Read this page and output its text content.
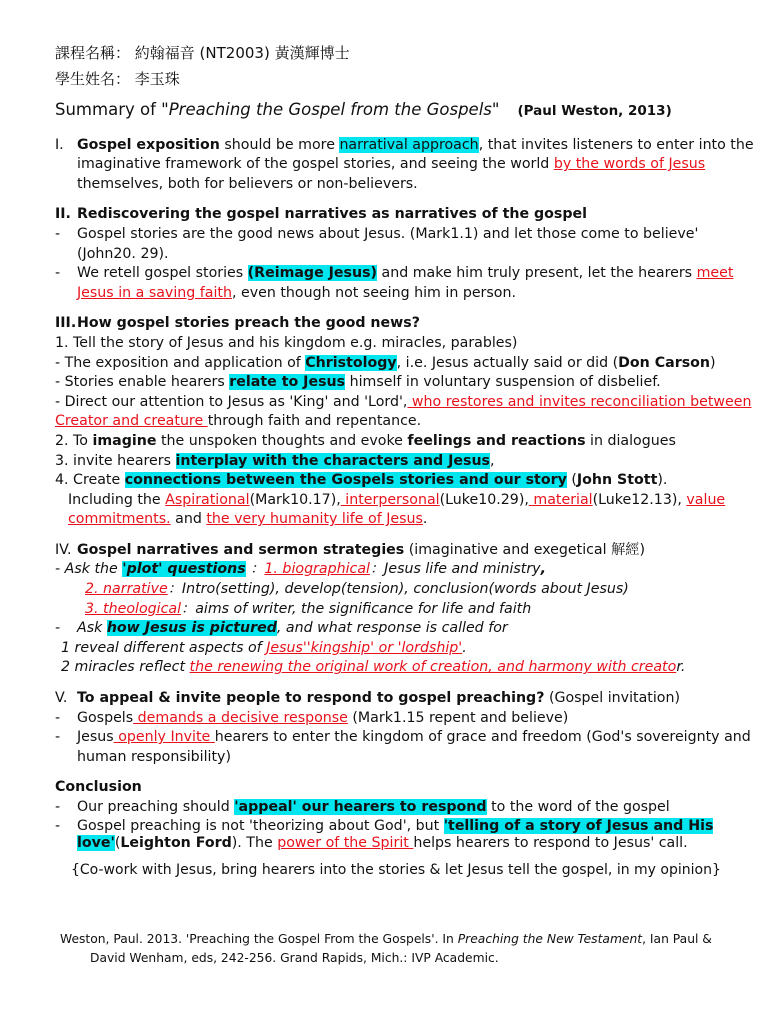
課程名稱： 約翰福音 (NT2003) 黃漢輝博士

學生姓名： 李玉珠

Summary of "Preaching the Gospel from the Gospels" (Paul Weston, 2013)
I. Gospel exposition should be more narratival approach, that invites listeners to enter into the imaginative framework of the gospel stories, and seeing the world by the words of Jesus themselves, both for believers or non-believers.
II. Rediscovering the gospel narratives as narratives of the gospel
-	Gospel stories are the good news about Jesus. (Mark1.1) and let those come to believe' (John20. 29).
-	We retell gospel stories (Reimage Jesus) and make him truly present, let the hearers meet Jesus in a saving faith, even though not seeing him in person.
III. How gospel stories preach the good news?

1. Tell the story of Jesus and his kingdom e.g. miracles, parables)

- The exposition and application of Christology, i.e. Jesus actually said or did (Don Carson)

- Stories enable hearers relate to Jesus himself in voluntary suspension of disbelief.

- Direct our attention to Jesus as 'King' and 'Lord', who restores and invites reconciliation between Creator and creature through faith and repentance.

2. To imagine the unspoken thoughts and evoke feelings and reactions in dialogues

3. invite hearers interplay with the characters and Jesus,

4. Create connections between the Gospels stories and our story (John Stott).

Including the Aspirational(Mark10.17), interpersonal(Luke10.29), material(Luke12.13), value commitments. and the very humanity life of Jesus.

IV. Gospel narratives and sermon strategies (imaginative and exegetical 解經)

- Ask the 'plot' questions ：1. biographical：Jesus life and ministry,

2. narrative：Intro(setting), develop(tension), conclusion(words about Jesus)

3. theological：aims of writer, the significance for life and faith

-	Ask how Jesus is pictured, and what response is called for

1 reveal different aspects of Jesus''kingship' or 'lordship'.

2 miracles reflect the renewing the original work of creation, and harmony with creator.

V. To appeal & invite people to respond to gospel preaching? (Gospel invitation)
-	Gospels demands a decisive response (Mark1.15 repent and believe)
-	Jesus openly Invite hearers to enter the kingdom of grace and freedom (God's sovereignty and human responsibility)

Conclusion

-	Our preaching should 'appeal' our hearers to respond to the word of the gospel
-	Gospel preaching is not 'theorizing about God', but 'telling of a story of Jesus and His love'(Leighton Ford). The power of the Spirit helps hearers to respond to Jesus' call.

{Co-work with Jesus, bring hearers into the stories & let Jesus tell the gospel, in my opinion}

Weston, Paul. 2013. 'Preaching the Gospel From the Gospels'. In Preaching the New Testament, Ian Paul &
David Wenham, eds, 242-256. Grand Rapids, Mich.: IVP Academic.
